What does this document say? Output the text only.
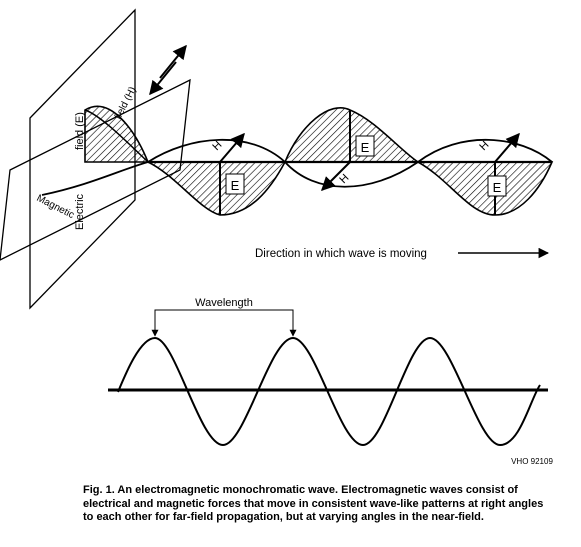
E
E
E
H
H
H
Electric
field (E)
Magnetic
field (H)
Direction in which wave is moving
Wavelength
VHO 92109
Fig. 1. An electromagnetic monochromatic wave. Electromagnetic waves consist of electrical and magnetic forces that move in consistent wave-like patterns at right angles to each other for far-field propagation, but at varying angles in the near-field.
